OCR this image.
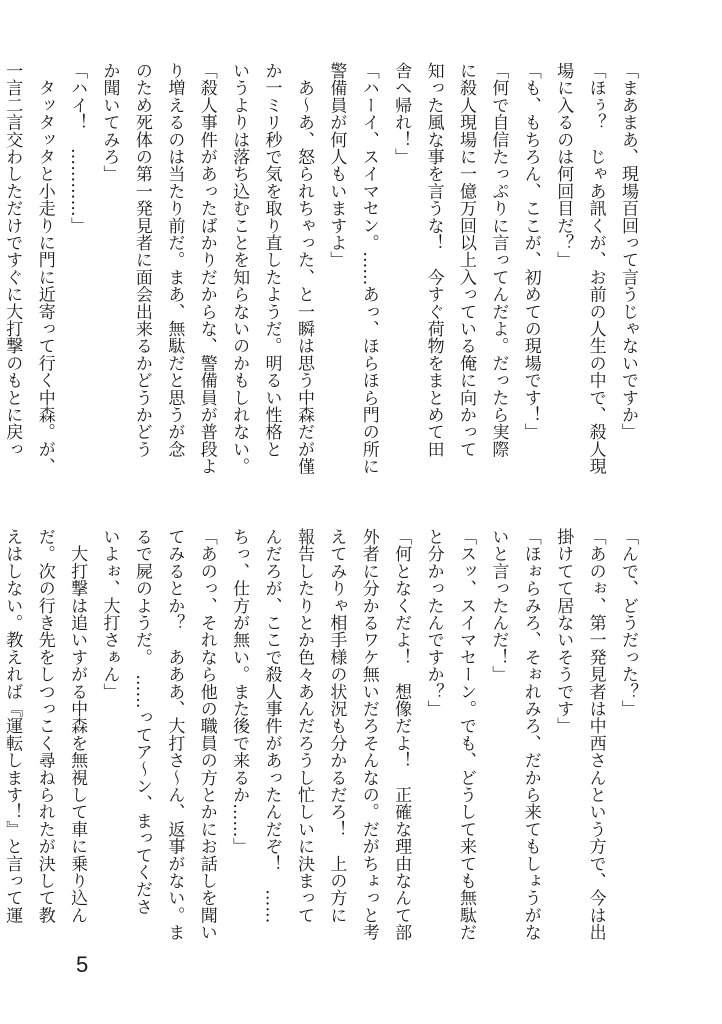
「まあまあ、現場百回って言うじゃないですか」
「ほぅ？　じゃあ訊くが、お前の人生の中で、殺人現
場に入るのは何回目だ？」
「も、もちろん、ここが、初めての現場です！」
「何で自信たっぷりに言ってんだよ。だったら実際
に殺人現場に一億万回以上入っている俺に向かって
知った風な事を言うな！　今すぐ荷物をまとめて田
舎へ帰れ！」
「ハーイ、スイマセン。……あっ、ほらほら門の所に
警備員が何人もいますよ」
　あ〜あ、怒られちゃった、と一瞬は思う中森だが僅
か一ミリ秒で気を取り直したようだ。明るい性格と
いうよりは落ち込むことを知らないのかもしれない。
「殺人事件があったばかりだからな、警備員が普段よ
り増えるのは当たり前だ。まあ、無駄だと思うが念
のため死体の第一発見者に面会出来るかどうかどう
か聞いてみろ」
「ハイ！　…………」
　タッタッタと小走りに門に近寄って行く中森。が、
一言二言交わしただけですぐに大打撃のもとに戻っ
「んで、どうだった？」
「あのぉ、第一発見者は中西さんという方で、今は出
掛けてて居ないそうです」
「ほぉらみろ、そぉれみろ、だから来てもしょうがな
いと言ったんだ！」
「スッ、スイマセーン。でも、どうして来ても無駄だ
と分かったんですか？」
「何となくだよ！　想像だよ！　正確な理由なんて部
外者に分かるワケ無いだろそんなの。だがちょっと考
えてみりゃ相手様の状況も分かるだろ！　上の方に
報告したりとか色々あんだろうし忙しいに決まって
んだろが、ここで殺人事件があったんだぞ！　……
ちっ、仕方が無い。また後で来るか……」
「あのっ、それなら他の職員の方とかにお話しを聞い
てみるとか？　あああ、大打さ〜ん、返事がない。ま
るで屍のようだ。　……ってア〜ン、まってくださ
いよぉ、大打さぁん」
　大打撃は追いすがる中森を無視して車に乗り込ん
だ。次の行き先をしつっこく尋ねられたが決して教
えはしない。教えれば『運転します！』と言って運
5
